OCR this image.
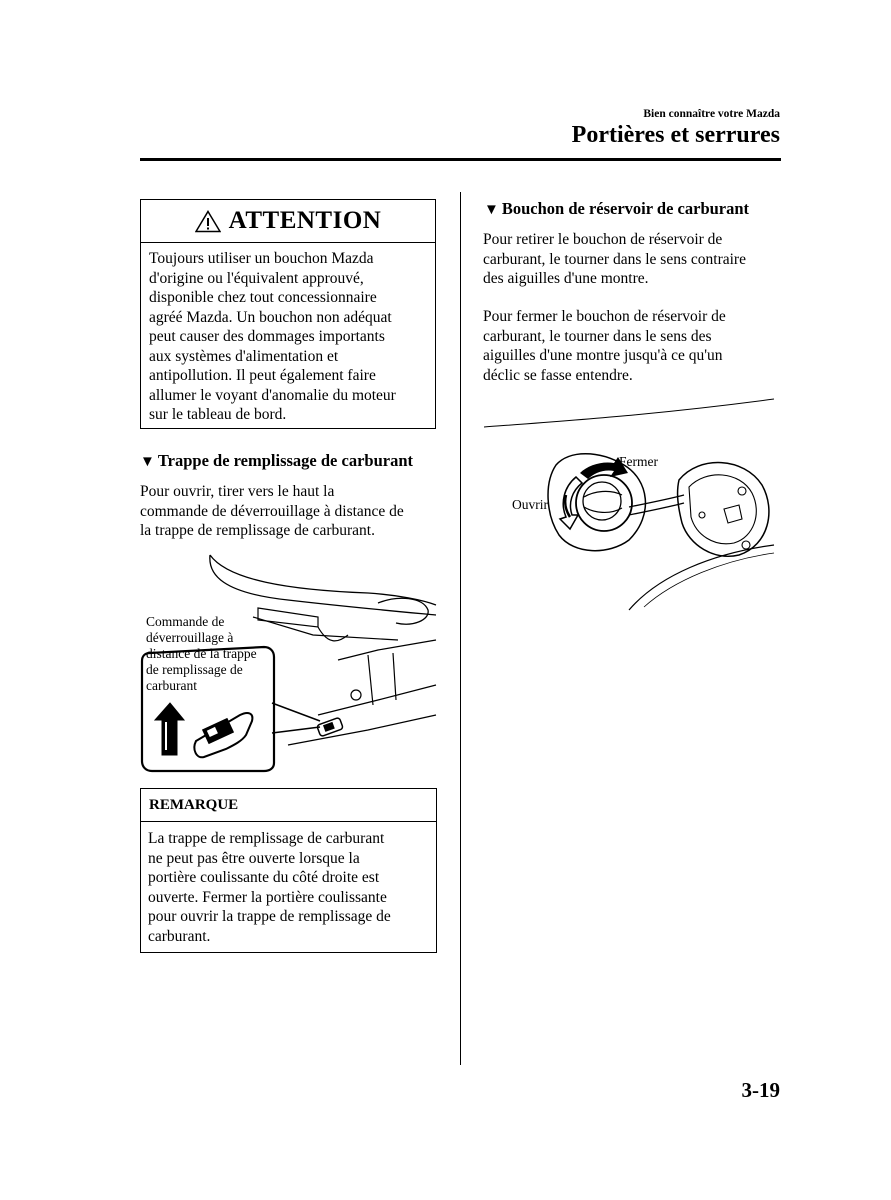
Bien connaître votre Mazda
Portières et serrures
ATTENTION
Toujours utiliser un bouchon Mazda
d'origine ou l'équivalent approuvé,
disponible chez tout concessionnaire
agréé Mazda. Un bouchon non adéquat
peut causer des dommages importants
aux systèmes d'alimentation et
antipollution. Il peut également faire
allumer le voyant d'anomalie du moteur
sur le tableau de bord.
▼ Trappe de remplissage de carburant
Pour ouvrir, tirer vers le haut la
commande de déverrouillage à distance de
la trappe de remplissage de carburant.
Commande de
déverrouillage à
distance de la trappe
de remplissage de
carburant
REMARQUE
La trappe de remplissage de carburant
ne peut pas être ouverte lorsque la
portière coulissante du côté droite est
ouverte. Fermer la portière coulissante
pour ouvrir la trappe de remplissage de
carburant.
▼ Bouchon de réservoir de carburant
Pour retirer le bouchon de réservoir de
carburant, le tourner dans le sens contraire
des aiguilles d'une montre.
Pour fermer le bouchon de réservoir de
carburant, le tourner dans le sens des
aiguilles d'une montre jusqu'à ce qu'un
déclic se fasse entendre.
Fermer
Ouvrir
3-19
